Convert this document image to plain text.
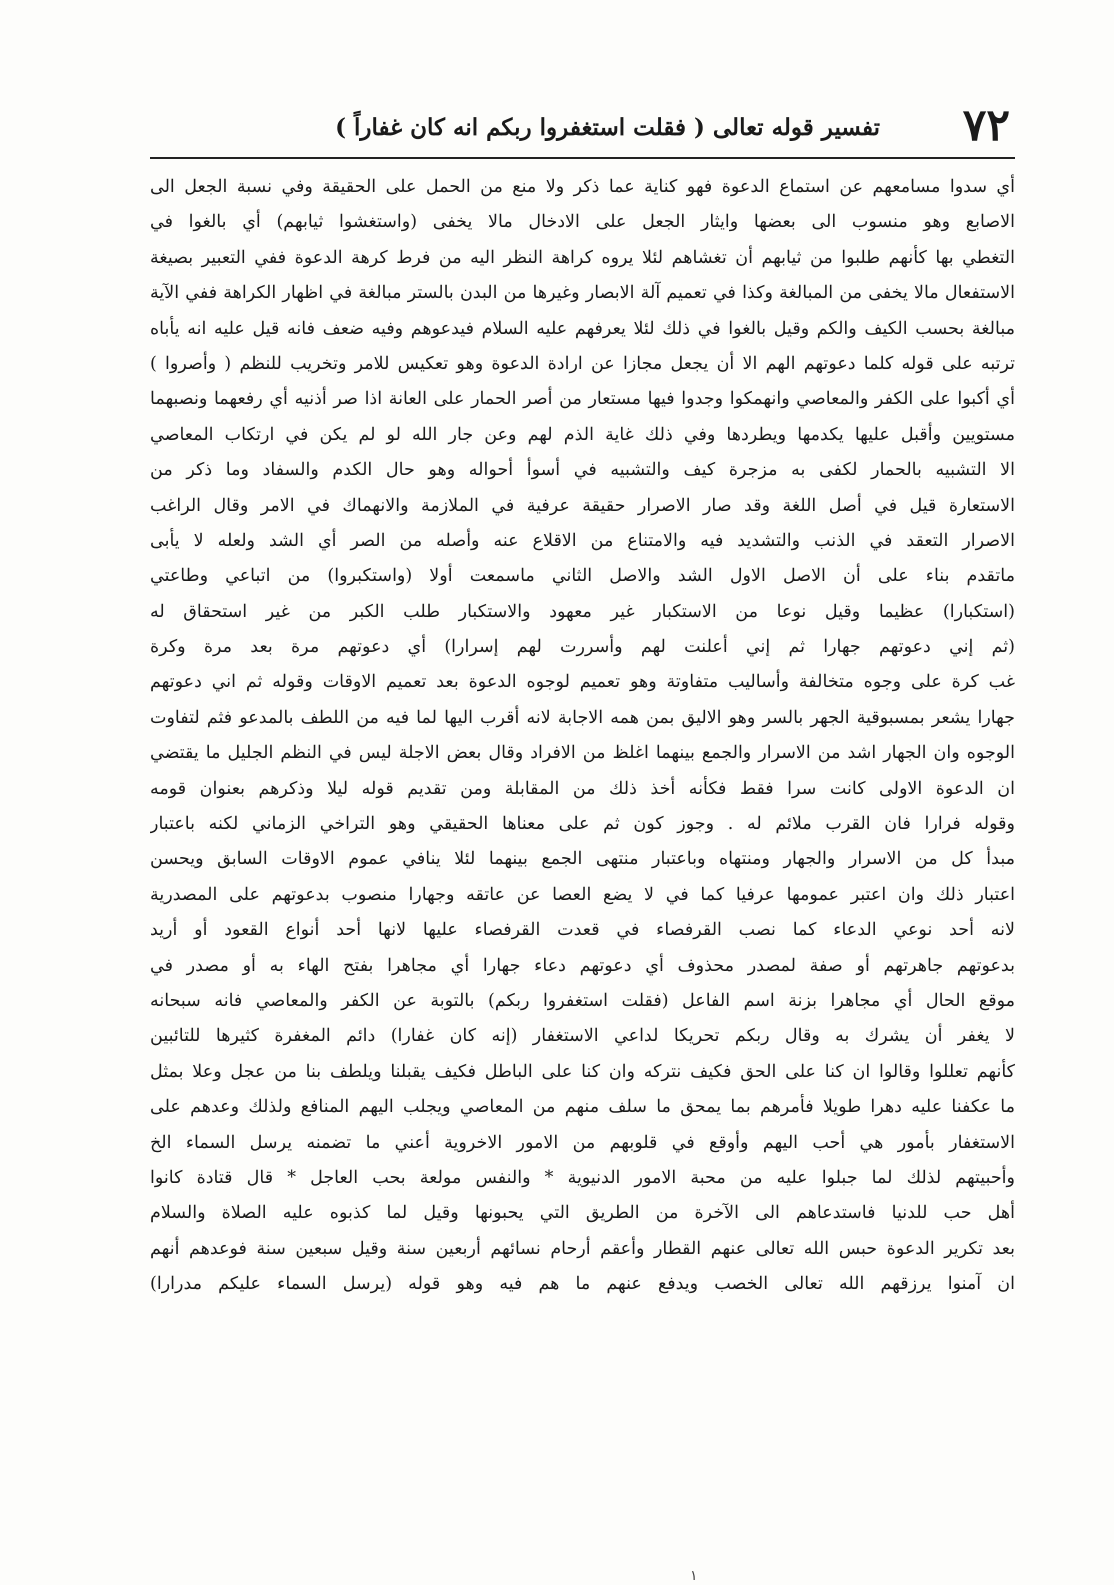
٧٢
تفسير قوله تعالى ( فقلت استغفروا ربكم انه كان غفاراً )
أي سدوا مسامعهم عن استماع الدعوة فهو كناية عما ذكر ولا منع من الحمل على الحقيقة وفي نسبة الجعل الى
الاصابع وهو منسوب الى بعضها وايثار الجعل على الادخال مالا يخفى (واستغشوا ثيابهم) أي بالغوا في
التغطي بها كأنهم طلبوا من ثيابهم أن تغشاهم لئلا يروه كراهة النظر اليه من فرط كرهة الدعوة ففي التعبير بصيغة
الاستفعال مالا يخفى من المبالغة وكذا في تعميم آلة الابصار وغيرها من البدن بالستر مبالغة في اظهار الكراهة ففي الآية
مبالغة بحسب الكيف والكم وقيل بالغوا في ذلك لئلا يعرفهم عليه السلام فيدعوهم وفيه ضعف فانه قيل عليه انه يأباه
ترتبه على قوله كلما دعوتهم الهم الا أن يجعل مجازا عن ارادة الدعوة وهو تعكيس للامر وتخريب للنظم ( وأصروا )
أي أكبوا على الكفر والمعاصي وانهمكوا وجدوا فيها مستعار من أصر الحمار على العانة اذا صر أذنيه أي رفعهما ونصبهما
مستويين وأقبل عليها يكدمها ويطردها وفي ذلك غاية الذم لهم وعن جار الله لو لم يكن في ارتكاب المعاصي
الا التشبيه بالحمار لكفى به مزجرة كيف والتشبيه في أسوأ أحواله وهو حال الكدم والسفاد وما ذكر من
الاستعارة قيل في أصل اللغة وقد صار الاصرار حقيقة عرفية في الملازمة والانهماك في الامر وقال الراغب
الاصرار التعقد في الذنب والتشديد فيه والامتناع من الاقلاع عنه وأصله من الصر أي الشد ولعله لا يأبى
ماتقدم بناء على أن الاصل الاول الشد والاصل الثاني ماسمعت أولا (واستكبروا) من اتباعي وطاعتي
(استكبارا) عظيما وقيل نوعا من الاستكبار غير معهود والاستكبار طلب الكبر من غير استحقاق له
(ثم إني دعوتهم جهارا ثم إني أعلنت لهم وأسررت لهم إسرارا) أي دعوتهم مرة بعد مرة وكرة
غب كرة على وجوه متخالفة وأساليب متفاوتة وهو تعميم لوجوه الدعوة بعد تعميم الاوقات وقوله ثم اني دعوتهم
جهارا يشعر بمسبوقية الجهر بالسر وهو الاليق بمن همه الاجابة لانه أقرب اليها لما فيه من اللطف بالمدعو فثم لتفاوت
الوجوه وان الجهار اشد من الاسرار والجمع بينهما اغلظ من الافراد وقال بعض الاجلة ليس في النظم الجليل ما يقتضي
ان الدعوة الاولى كانت سرا فقط فكأنه أخذ ذلك من المقابلة ومن تقديم قوله ليلا وذكرهم بعنوان قومه
وقوله فرارا فان القرب ملائم له . وجوز كون ثم على معناها الحقيقي وهو التراخي الزماني لكنه باعتبار
مبدأ كل من الاسرار والجهار ومنتهاه وباعتبار منتهى الجمع بينهما لئلا ينافي عموم الاوقات السابق ويحسن
اعتبار ذلك وان اعتبر عمومها عرفيا كما في لا يضع العصا عن عاتقه وجهارا منصوب بدعوتهم على المصدرية
لانه أحد نوعي الدعاء كما نصب القرفصاء في قعدت القرفصاء عليها لانها أحد أنواع القعود أو أريد
بدعوتهم جاهرتهم أو صفة لمصدر محذوف أي دعوتهم دعاء جهارا أي مجاهرا بفتح الهاء به أو مصدر في
موقع الحال أي مجاهرا بزنة اسم الفاعل (فقلت استغفروا ربكم) بالتوبة عن الكفر والمعاصي فانه سبحانه
لا يغفر أن يشرك به وقال ربكم تحريكا لداعي الاستغفار (إنه كان غفارا) دائم المغفرة كثيرها للتائبين
كأنهم تعللوا وقالوا ان كنا على الحق فكيف نتركه وان كنا على الباطل فكيف يقبلنا ويلطف بنا من عجل وعلا بمثل
ما عكفنا عليه دهرا طويلا فأمرهم بما يمحق ما سلف منهم من المعاصي ويجلب اليهم المنافع ولذلك وعدهم على
الاستغفار بأمور هي أحب اليهم وأوقع في قلوبهم من الامور الاخروية أعني ما تضمنه يرسل السماء الخ
وأحبيتهم لذلك لما جبلوا عليه من محبة الامور الدنيوية * والنفس مولعة بحب العاجل * قال قتادة كانوا
أهل حب للدنيا فاستدعاهم الى الآخرة من الطريق التي يحبونها وقيل لما كذبوه عليه الصلاة والسلام
بعد تكرير الدعوة حبس الله تعالى عنهم القطار وأعقم أرحام نسائهم أربعين سنة وقيل سبعين سنة فوعدهم أنهم
ان آمنوا يرزقهم الله تعالى الخصب ويدفع عنهم ما هم فيه وهو قوله (يرسل السماء عليكم مدرارا)
١
